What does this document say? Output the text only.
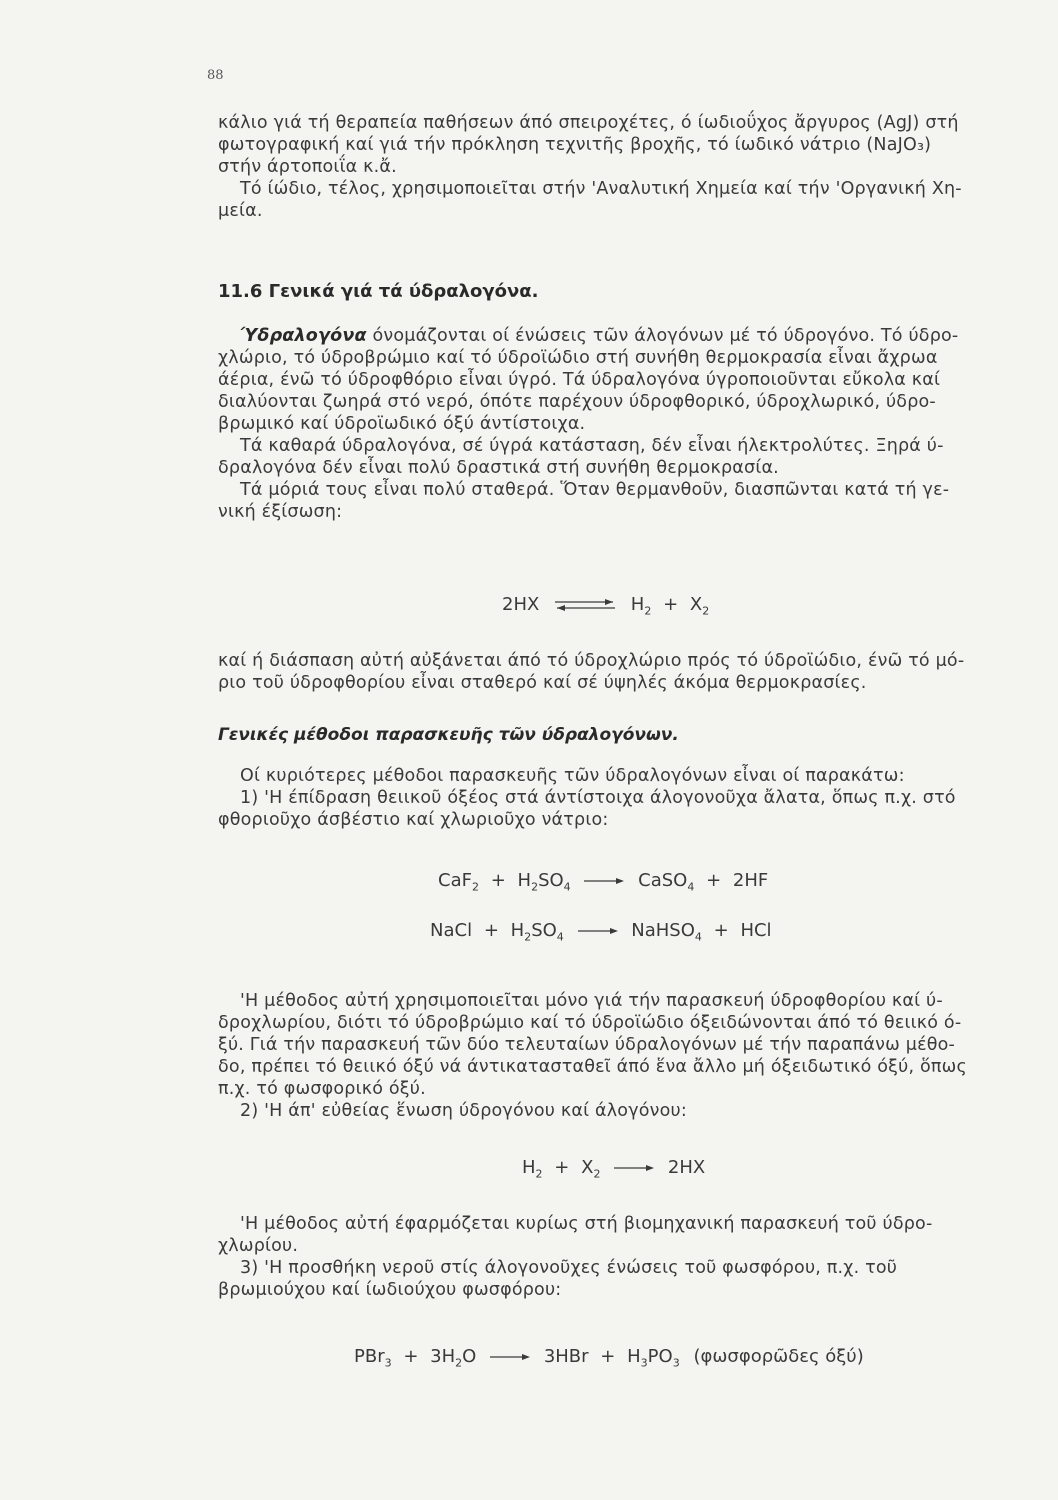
88
κάλιο γιά τή θεραπεία παθήσεων άπό σπειροχέτες, ό ίωδιοΰχος ἄργυρος (AgJ) στή
φωτογραφική καί γιά τήν πρόκληση τεχνιτῆς βροχῆς, τό ίωδικό νάτριο (NaJO₃)
στήν άρτοποιΐα κ.ἄ.
Τό ίώδιο, τέλος, χρησιμοποιεῖται στήν 'Αναλυτική Χημεία καί τήν 'Οργανική Χη-
μεία.
11.6 Γενικά γιά τά ύδραλογόνα.
Ύδραλογόνα όνομάζονται οί ένώσεις τῶν άλογόνων μέ τό ύδρογόνο. Τό ύδρο-
χλώριο, τό ύδροβρώμιο καί τό ύδροϊώδιο στή συνήθη θερμοκρασία εἶναι ἄχρωα
άέρια, ένῶ τό ύδροφθόριο εἶναι ύγρό. Τά ύδραλογόνα ύγροποιοῦνται εὔκολα καί
διαλύονται ζωηρά στό νερό, όπότε παρέχουν ύδροφθορικό, ύδροχλωρικό, ύδρο-
βρωμικό καί ύδροϊωδικό όξύ άντίστοιχα.
Τά καθαρά ύδραλογόνα, σέ ύγρά κατάσταση, δέν εἶναι ήλεκτρολύτες. Ξηρά ύ-
δραλογόνα δέν εἶναι πολύ δραστικά στή συνήθη θερμοκρασία.
Τά μόριά τους εἶναι πολύ σταθερά. Ὅταν θερμανθοῦν, διασπῶνται κατά τή γε-
νική έξίσωση:
2HX ⇌ $H_2 + X_2$
καί ή διάσπαση αὐτή αὐξάνεται άπό τό ύδροχλώριο πρός τό ύδροϊώδιο, ένῶ τό μό-
ριο τοῦ ύδροφθορίου εἶναι σταθερό καί σέ ύψηλές άκόμα θερμοκρασίες.
Γενικές μέθοδοι παρασκευῆς τῶν ύδραλογόνων.
Οί κυριότερες μέθοδοι παρασκευῆς τῶν ύδραλογόνων εἶναι οί παρακάτω:
1) 'Η έπίδραση θειικοῦ όξέος στά άντίστοιχα άλογονοῦχα ἄλατα, ὅπως π.χ. στό
φθοριοῦχο άσβέστιο καί χλωριοῦχο νάτριο:
$CaF_2 + H_2SO_4$ → CaSO$_4$ + 2HF
NaCl + $H_2SO_4$ → NaHSO$_4$ + HCl
'Η μέθοδος αὐτή χρησιμοποιεῖται μόνο γιά τήν παρασκευή ύδροφθορίου καί ύ-
δροχλωρίου, διότι τό ύδροβρώμιο καί τό ύδροϊώδιο όξειδώνονται άπό τό θειικό ό-
ξύ. Γιά τήν παρασκευή τῶν δύο τελευταίων ύδραλογόνων μέ τήν παραπάνω μέθο-
δο, πρέπει τό θειικό όξύ νά άντικατασταθεῖ άπό ἕνα ἄλλο μή όξειδωτικό όξύ, ὅπως
π.χ. τό φωσφορικό όξύ.
2) 'Η άπ' εὐθείας ἕνωση ύδρογόνου καί άλογόνου:
$H_2 + X_2 \to 2HX$
'Η μέθοδος αὐτή έφαρμόζεται κυρίως στή βιομηχανική παρασκευή τοῦ ύδρο-
χλωρίου.
3) 'Η προσθήκη νεροῦ στίς άλογονοῦχες ένώσεις τοῦ φωσφόρου, π.χ. τοῦ
βρωμιούχου καί ίωδιούχου φωσφόρου:
$PBr_3 + 3H_2O \to 3HBr + H_3PO_3$ (φωσφορῶδες όξύ)
